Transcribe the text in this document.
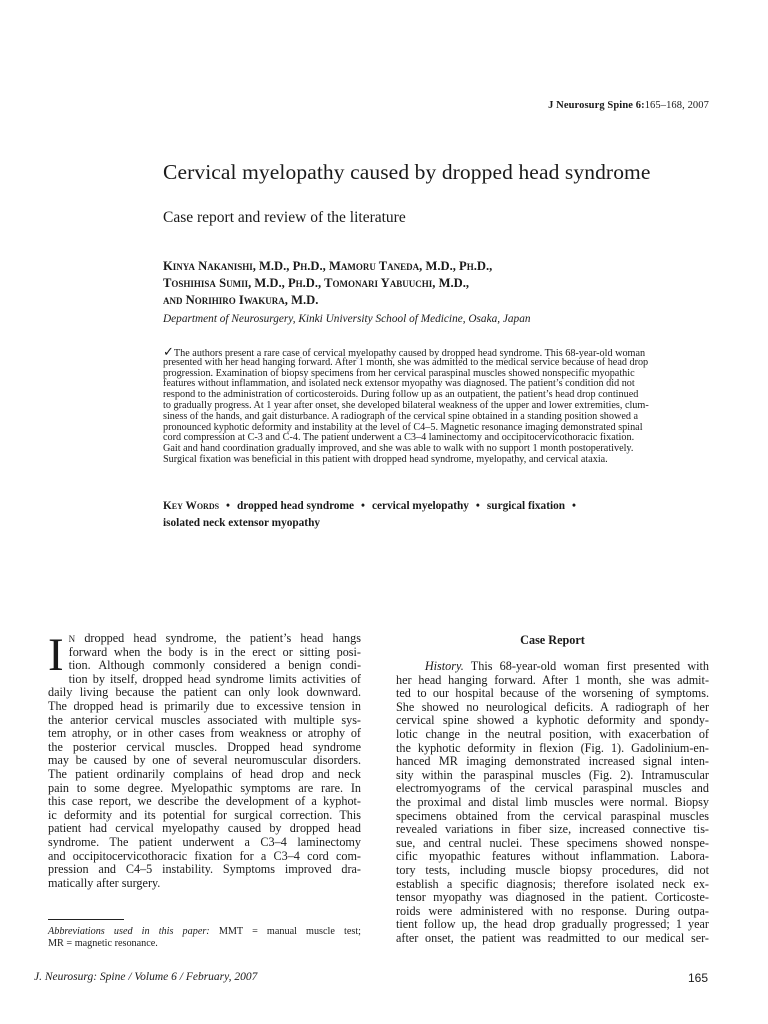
J Neurosurg Spine 6:165–168, 2007
Cervical myelopathy caused by dropped head syndrome
Case report and review of the literature
Kinya Nakanishi, M.D., Ph.D., Mamoru Taneda, M.D., Ph.D.,
Toshihisa Sumii, M.D., Ph.D., Tomonari Yabuuchi, M.D.,
and Norihiro Iwakura, M.D.
Department of Neurosurgery, Kinki University School of Medicine, Osaka, Japan
✓The authors present a rare case of cervical myelopathy caused by dropped head syndrome. This 68-year-old woman
presented with her head hanging forward. After 1 month, she was admitted to the medical service because of head drop
progression. Examination of biopsy specimens from her cervical paraspinal muscles showed nonspecific myopathic
features without inflammation, and isolated neck extensor myopathy was diagnosed. The patient’s condition did not
respond to the administration of corticosteroids. During follow up as an outpatient, the patient’s head drop continued
to gradually progress. At 1 year after onset, she developed bilateral weakness of the upper and lower extremities, clum-
siness of the hands, and gait disturbance. A radiograph of the cervical spine obtained in a standing position showed a
pronounced kyphotic deformity and instability at the level of C4–5. Magnetic resonance imaging demonstrated spinal
cord compression at C-3 and C-4. The patient underwent a C3–4 laminectomy and occipitocervicothoracic fixation.
Gait and hand coordination gradually improved, and she was able to walk with no support 1 month postoperatively.
Surgical fixation was beneficial in this patient with dropped head syndrome, myelopathy, and cervical ataxia.
Key Words • dropped head syndrome • cervical myelopathy • surgical fixation •
isolated neck extensor myopathy
I n dropped head syndrome, the patient’s head hangs
forward when the body is in the erect or sitting posi-
tion. Although commonly considered a benign condi-
tion by itself, dropped head syndrome limits activities of
daily living because the patient can only look downward.
The dropped head is primarily due to excessive tension in
the anterior cervical muscles associated with multiple sys-
tem atrophy, or in other cases from weakness or atrophy of
the posterior cervical muscles. Dropped head syndrome
may be caused by one of several neuromuscular disorders.
The patient ordinarily complains of head drop and neck
pain to some degree. Myelopathic symptoms are rare. In
this case report, we describe the development of a kyphot-
ic deformity and its potential for surgical correction. This
patient had cervical myelopathy caused by dropped head
syndrome. The patient underwent a C3–4 laminectomy
and occipitocervicothoracic fixation for a C3–4 cord com-
pression and C4–5 instability. Symptoms improved dra-
matically after surgery.
Abbreviations used in this paper: MMT = manual muscle test;
MR = magnetic resonance.
Case Report
History. This 68-year-old woman first presented with
her head hanging forward. After 1 month, she was admit-
ted to our hospital because of the worsening of symptoms.
She showed no neurological deficits. A radiograph of her
cervical spine showed a kyphotic deformity and spondy-
lotic change in the neutral position, with exacerbation of
the kyphotic deformity in flexion (Fig. 1). Gadolinium-en-
hanced MR imaging demonstrated increased signal inten-
sity within the paraspinal muscles (Fig. 2). Intramuscular
electromyograms of the cervical paraspinal muscles and
the proximal and distal limb muscles were normal. Biopsy
specimens obtained from the cervical paraspinal muscles
revealed variations in fiber size, increased connective tis-
sue, and central nuclei. These specimens showed nonspe-
cific myopathic features without inflammation. Labora-
tory tests, including muscle biopsy procedures, did not
establish a specific diagnosis; therefore isolated neck ex-
tensor myopathy was diagnosed in the patient. Corticoste-
roids were administered with no response. During outpa-
tient follow up, the head drop gradually progressed; 1 year
after onset, the patient was readmitted to our medical ser-
J. Neurosurg: Spine / Volume 6 / February, 2007	165
